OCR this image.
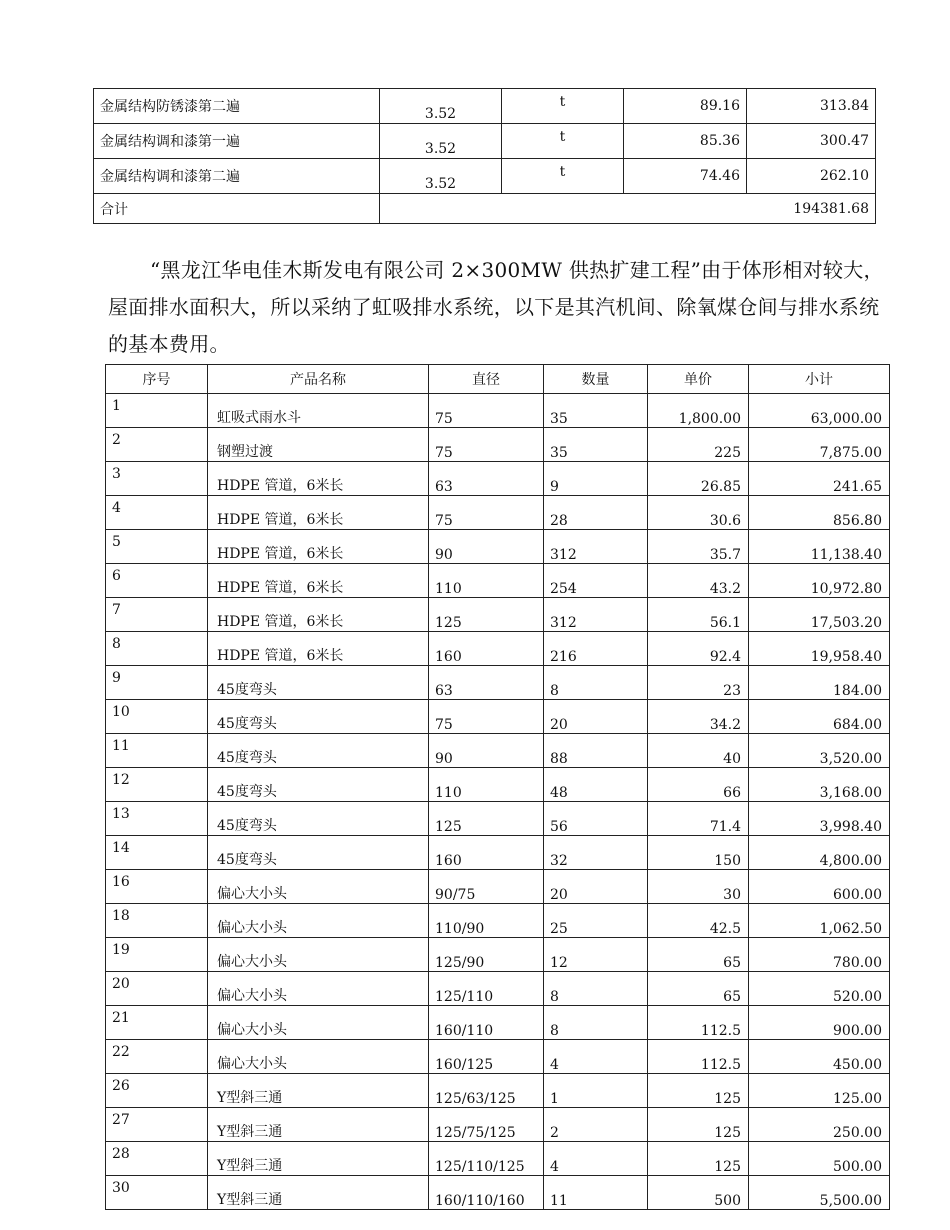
金属结构防锈漆第二遍	3.52	t	89.16	313.84
金属结构调和漆第一遍	3.52	t	85.36	300.47
金属结构调和漆第二遍	3.52	t	74.46	262.10
合计	194381.68			

“黑龙江华电佳木斯发电有限公司 2×300MW 供热扩建工程”由于体形相对较大，屋面排水面积大，所以采纳了虹吸排水系统，以下是其汽机间、除氧煤仓间与排水系统的基本费用。

序号	产品名称	直径	数量	单价	小计
1	虹吸式雨水斗	75	35	1,800.00	63,000.00
2	钢塑过渡	75	35	225	7,875.00
3	HDPE 管道，6米长	63	9	26.85	241.65
4	HDPE 管道，6米长	75	28	30.6	856.80
5	HDPE 管道，6米长	90	312	35.7	11,138.40
6	HDPE 管道，6米长	110	254	43.2	10,972.80
7	HDPE 管道，6米长	125	312	56.1	17,503.20
8	HDPE 管道，6米长	160	216	92.4	19,958.40
9	45度弯头	63	8	23	184.00
10	45度弯头	75	20	34.2	684.00
11	45度弯头	90	88	40	3,520.00
12	45度弯头	110	48	66	3,168.00
13	45度弯头	125	56	71.4	3,998.40
14	45度弯头	160	32	150	4,800.00
16	偏心大小头	90/75	20	30	600.00
18	偏心大小头	110/90	25	42.5	1,062.50
19	偏心大小头	125/90	12	65	780.00
20	偏心大小头	125/110	8	65	520.00
21	偏心大小头	160/110	8	112.5	900.00
22	偏心大小头	160/125	4	112.5	450.00
26	Y型斜三通	125/63/125	1	125	125.00
27	Y型斜三通	125/75/125	2	125	250.00
28	Y型斜三通	125/110/125	4	125	500.00
30	Y型斜三通	160/110/160	11	500	5,500.00
